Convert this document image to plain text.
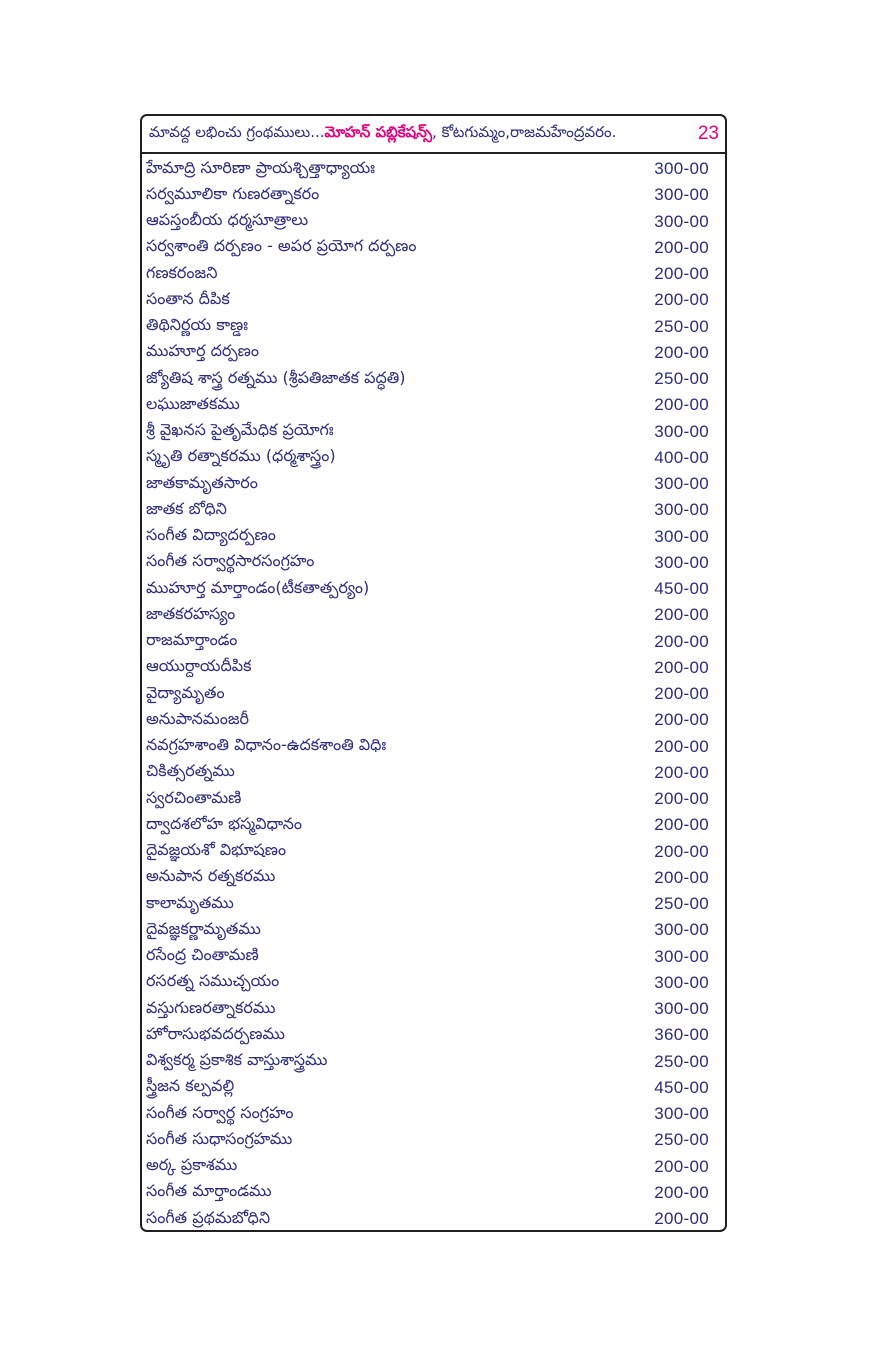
మావద్ద లభించు గ్రంథములు... మోహన్ పబ్లికేషన్స్ , కోటగుమ్మం,రాజమహేంద్రవరం.	23
హేమాద్రి సూరిణా ప్రాయశ్చిత్తాధ్యాయః	300-00
సర్వమూలికా గుణరత్నాకరం	300-00
ఆపస్తంబీయ ధర్మసూత్రాలు	300-00
సర్వశాంతి దర్పణం - అపర ప్రయోగ దర్పణం	200-00
గణకరంజని	200-00
సంతాన దీపిక	200-00
తిథినిర్ణయ కాణ్డః	250-00
ముహూర్త దర్పణం	200-00
జ్యోతిష శాస్త్ర రత్నము (శ్రీపతిజాతక పద్ధతి)	250-00
లఘుజాతకము	200-00
శ్రీ వైఖనస పైతృమేధిక ప్రయోగః	300-00
స్మృతి రత్నాకరము (ధర్మశాస్త్రం)	400-00
జాతకామృతసారం	300-00
జాతక బోధిని	300-00
సంగీత విద్యాదర్పణం	300-00
సంగీత సర్వార్థసారసంగ్రహం	300-00
ముహూర్త మార్తాండం(టీకతాత్పర్యం)	450-00
జాతకరహస్యం	200-00
రాజమార్తాండం	200-00
ఆయుర్దాయదీపిక	200-00
వైద్యామృతం	200-00
అనుపానమంజరీ	200-00
నవగ్రహశాంతి విధానం-ఉదకశాంతి విధిః	200-00
చికిత్సరత్నము	200-00
స్వరచింతామణి	200-00
ద్వాదశలోహ భస్మవిధానం	200-00
దైవజ్ఞయశో విభూషణం	200-00
అనుపాన రత్నకరము	200-00
కాలామృతము	250-00
దైవజ్ఞకర్ణామృతము	300-00
రసేంద్ర చింతామణి	300-00
రసరత్న సముచ్చయం	300-00
వస్తుగుణరత్నాకరము	300-00
హోరాసుభవదర్పణము	360-00
విశ్వకర్మ ప్రకాశిక వాస్తుశాస్త్రము	250-00
స్త్రీజన కల్పవల్లి	450-00
సంగీత సర్వార్థ సంగ్రహం	300-00
సంగీత సుధాసంగ్రహము	250-00
అర్క ప్రకాశము	200-00
సంగీత మార్తాండము	200-00
సంగీత ప్రథమబోధిని	200-00
